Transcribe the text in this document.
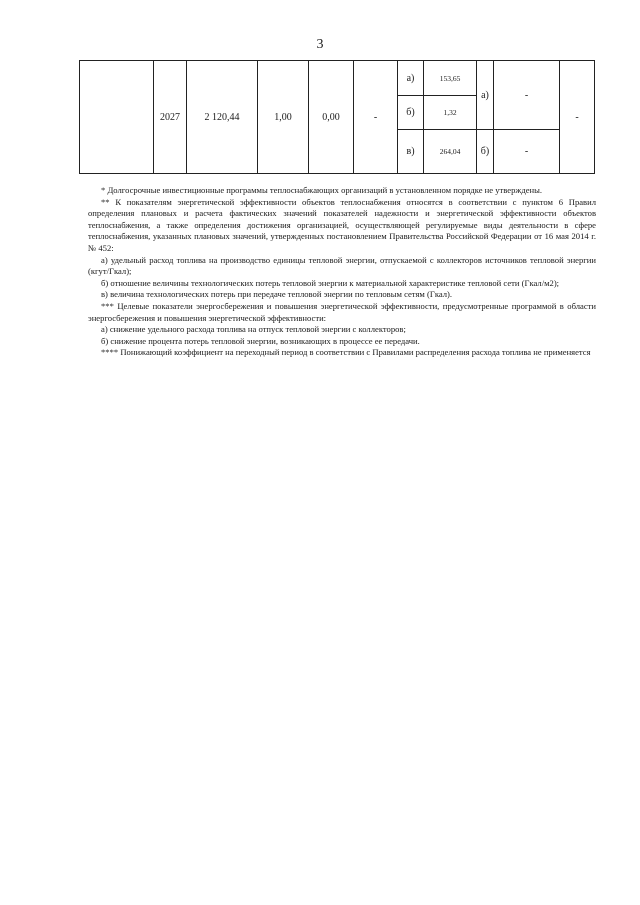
3
	2027	2 120,44	1,00	0,00	-	а)	153,65	а)	-	-
						б)	1,32			
						в)	264,04	б)	-	

* Долгосрочные инвестиционные программы теплоснабжающих организаций в установленном порядке не утверждены.

** К показателям энергетической эффективности объектов теплоснабжения относятся в соответствии с пунктом 6 Правил определения плановых и расчета фактических значений показателей надежности и энергетической эффективности объектов теплоснабжения, а также определения достижения организацией, осуществляющей регулируемые виды деятельности в сфере теплоснабжения, указанных плановых значений, утвержденных постановлением Правительства Российской Федерации от 16 мая 2014 г. № 452:

а) удельный расход топлива на производство единицы тепловой энергии, отпускаемой с коллекторов источников тепловой энергии (кгут/Гкал);

б) отношение величины технологических потерь тепловой энергии к материальной характеристике тепловой сети (Гкал/м2);

в) величина технологических потерь при передаче тепловой энергии по тепловым сетям (Гкал).

*** Целевые показатели энергосбережения и повышения энергетической эффективности, предусмотренные программой в области энергосбережения и повышения энергетической эффективности:

а) снижение удельного расхода топлива на отпуск тепловой энергии с коллекторов;

б) снижение процента потерь тепловой энергии, возникающих в процессе ее передачи.

**** Понижающий коэффициент на переходный период в соответствии с Правилами распределения расхода топлива не применяется
